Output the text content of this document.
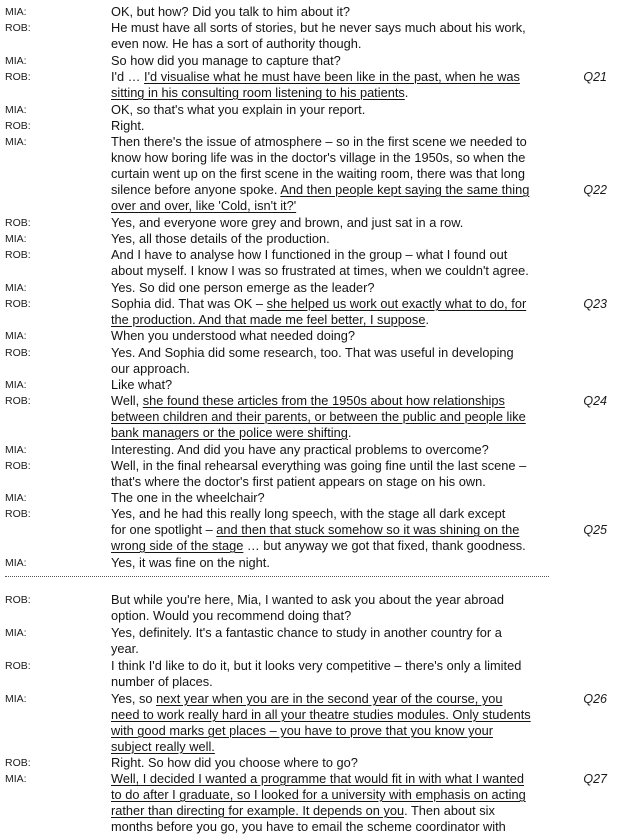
MIA:	OK, but how? Did you talk to him about it?
ROB:	He must have all sorts of stories, but he never says much about his work,
even now. He has a sort of authority though.
MIA:	So how did you manage to capture that?
ROB:	I'd … I'd visualise what he must have been like in the past, when he was	Q21
sitting in his consulting room listening to his patients.
MIA:	OK, so that's what you explain in your report.
ROB:	Right.
MIA:	Then there's the issue of atmosphere – so in the first scene we needed to
know how boring life was in the doctor's village in the 1950s, so when the
curtain went up on the first scene in the waiting room, there was that long
silence before anyone spoke. And then people kept saying the same thing	Q22
over and over, like 'Cold, isn't it?'
ROB:	Yes, and everyone wore grey and brown, and just sat in a row.
MIA:	Yes, all those details of the production.
ROB:	And I have to analyse how I functioned in the group – what I found out
about myself. I know I was so frustrated at times, when we couldn't agree.
MIA:	Yes. So did one person emerge as the leader?
ROB:	Sophia did. That was OK – she helped us work out exactly what to do, for	Q23
the production. And that made me feel better, I suppose.
MIA:	When you understood what needed doing?
ROB:	Yes. And Sophia did some research, too. That was useful in developing
our approach.
MIA:	Like what?
ROB:	Well, she found these articles from the 1950s about how relationships	Q24
between children and their parents, or between the public and people like
bank managers or the police were shifting.
MIA:	Interesting. And did you have any practical problems to overcome?
ROB:	Well, in the final rehearsal everything was going fine until the last scene –
that's where the doctor's first patient appears on stage on his own.
MIA:	The one in the wheelchair?
ROB:	Yes, and he had this really long speech, with the stage all dark except
for one spotlight – and then that stuck somehow so it was shining on the	Q25
wrong side of the stage … but anyway we got that fixed, thank goodness.
MIA:	Yes, it was fine on the night.
ROB:	But while you're here, Mia, I wanted to ask you about the year abroad
option. Would you recommend doing that?
MIA:	Yes, definitely. It's a fantastic chance to study in another country for a
year.
ROB:	I think I'd like to do it, but it looks very competitive – there's only a limited
number of places.
MIA:	Yes, so next year when you are in the second year of the course, you	Q26
need to work really hard in all your theatre studies modules. Only students
with good marks get places – you have to prove that you know your
subject really well.
ROB:	Right. So how did you choose where to go?
MIA:	Well, I decided I wanted a programme that would fit in with what I wanted	Q27
to do after I graduate, so I looked for a university with emphasis on acting
rather than directing for example. It depends on you. Then about six
months before you go, you have to email the scheme coordinator with
